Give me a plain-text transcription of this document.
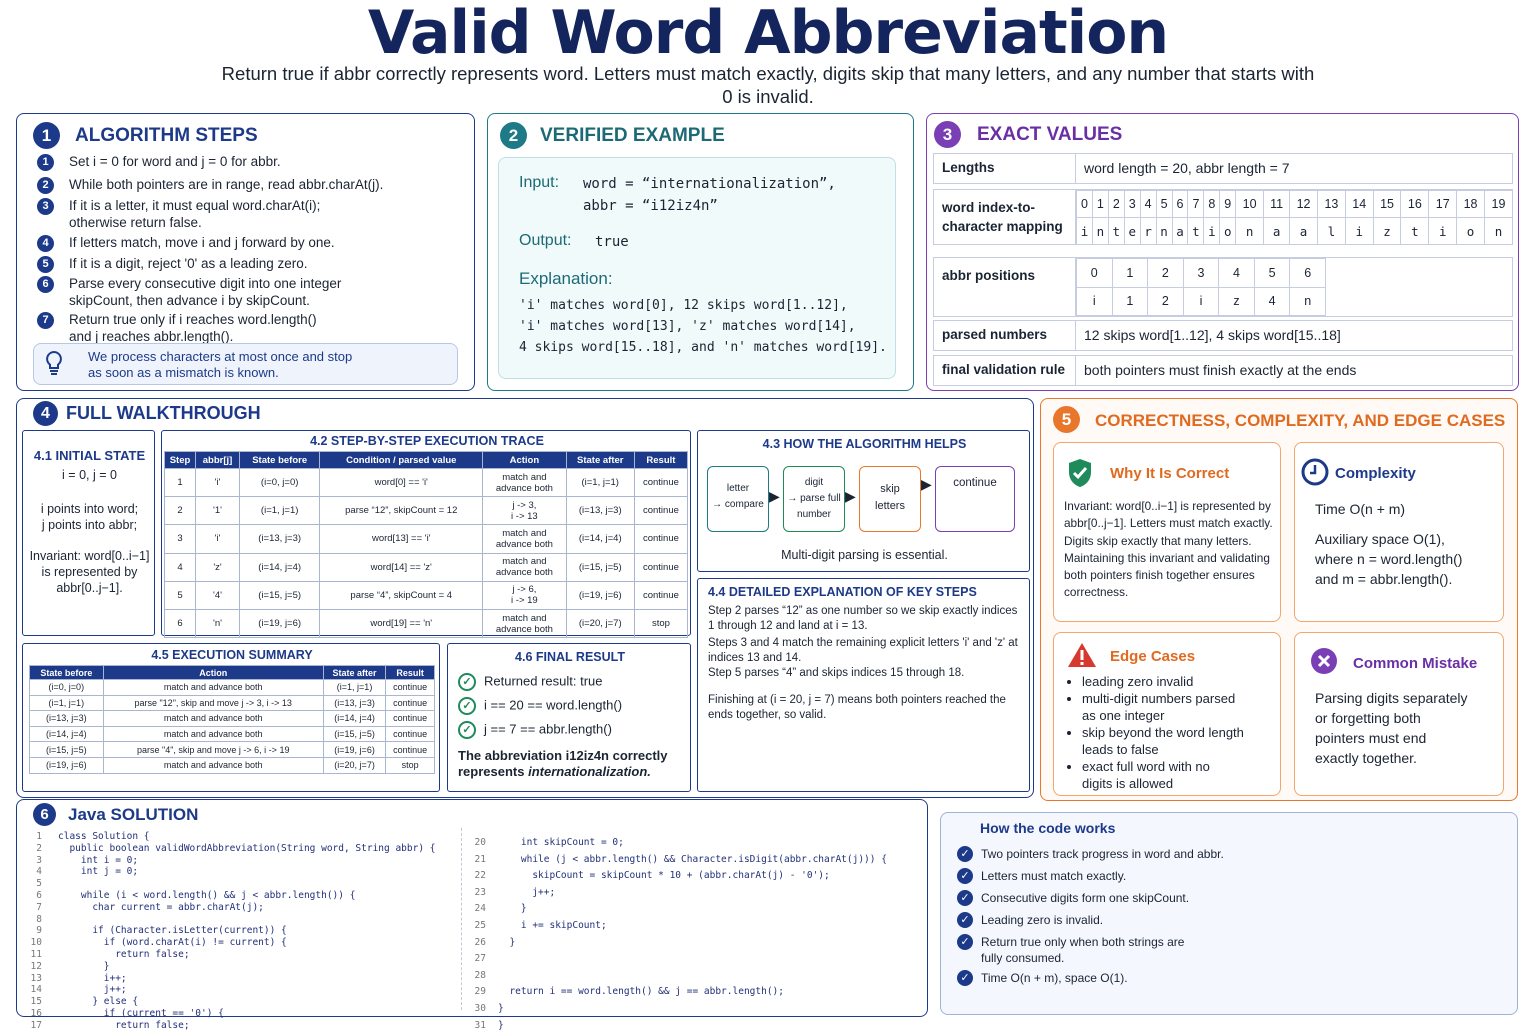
Valid Word Abbreviation
Return true if abbr correctly represents word. Letters must match exactly, digits skip that many letters, and any number that starts with 0 is invalid.
1	ALGORITHM STEPS
1	Set i = 0 for word and j = 0 for abbr.
2	While both pointers are in range, read abbr.charAt(j).
3	If it is a letter, it must equal word.charAt(i);
otherwise return false.
4	If letters match, move i and j forward by one.
5	If it is a digit, reject '0' as a leading zero.
6	Parse every consecutive digit into one integer
skipCount, then advance i by skipCount.
7	Return true only if i reaches word.length()
and j reaches abbr.length().
We process characters at most once and stop
as soon as a mismatch is known.
2	VERIFIED EXAMPLE
Input: word = “internationalization”,
abbr = “i12iz4n”
Output: true
Explanation:
'i' matches word[0], 12 skips word[1..12],
'i' matches word[13], 'z' matches word[14],
4 skips word[15..18], and 'n' matches word[19].
3	EXACT VALUES
Lengths	word length = 20, abbr length = 7
word index-to-
character mapping
0	1	2	3	4	5	6	7	8	9	10	11	12	13	14	15	16	17	18	19
i	n	t	e	r	n	a	t	i	o	n	a	a	l	i	z	t	i	o	n
abbr positions	0	1	2	3	4	5	6
i	1	2	i	z	4	n
parsed numbers	12 skips word[1..12], 4 skips word[15..18]
final validation rule	both pointers must finish exactly at the ends
4 FULL WALKTHROUGH
4.1 INITIAL STATE
i = 0, j = 0
i points into word;
j points into abbr;
Invariant: word[0..i−1]
is represented by
abbr[0..j−1].
4.2 STEP-BY-STEP EXECUTION TRACE
Step	abbr[j]	State before	Condition / parsed value	Action	State after	Result
1	'i'	(i=0, j=0)	word[0] == 'i'	match and
advance both	(i=1, j=1)	continue
2	'1'	(i=1, j=1)	parse “12”, skipCount = 12	j -> 3,
i -> 13	(i=13, j=3)	continue
3	'i'	(i=13, j=3)	word[13] == 'i'	match and
advance both	(i=14, j=4)	continue
4	'z'	(i=14, j=4)	word[14] == 'z'	match and
advance both	(i=15, j=5)	continue
5	'4'	(i=15, j=5)	parse “4”, skipCount = 4	j -> 6,
i -> 19	(i=19, j=6)	continue
6	'n'	(i=19, j=6)	word[19] == 'n'	match and
advance both	(i=20, j=7)	stop
4.3 HOW THE ALGORITHM HELPS
letter
→ compare
▶
digit
→ parse full
number
▶	skip
letters
▶	continue
Multi-digit parsing is essential.
4.4 DETAILED EXPLANATION OF KEY STEPS
Step 2 parses “12” as one number so we skip exactly indices 1 through 12 and land at i = 13.
Steps 3 and 4 match the remaining explicit letters 'i' and 'z' at indices 13 and 14.
Step 5 parses “4” and skips indices 15 through 18.
Finishing at (i = 20, j = 7) means both pointers reached the ends together, so valid.
4.5 EXECUTION SUMMARY
State before	Action	State after	Result
(i=0, j=0)	match and advance both	(i=1, j=1)	continue
(i=1, j=1)	parse "12", skip and move j -> 3, i -> 13	(i=13, j=3)	continue
(i=13, j=3)	match and advance both	(i=14, j=4)	continue
(i=14, j=4)	match and advance both	(i=15, j=5)	continue
(i=15, j=5)	parse "4", skip and move j -> 6, i -> 19	(i=19, j=6)	continue
(i=19, j=6)	match and advance both	(i=20, j=7)	stop
4.6 FINAL RESULT
✓ Returned result: true
✓ i == 20 == word.length()
✓ j == 7 == abbr.length()
The abbreviation i12iz4n correctly represents internationalization.
5	CORRECTNESS, COMPLEXITY, AND EDGE CASES
Why It Is Correct
Invariant: word[0..i−1] is represented by abbr[0..j−1]. Letters must match exactly. Digits skip exactly that many letters. Maintaining this invariant and validating both pointers finish together ensures correctness.
Complexity
Time O(n + m)
Auxiliary space O(1),
where n = word.length()
and m = abbr.length().
Edge Cases
• leading zero invalid
• multi-digit numbers parsed
as one integer
• skip beyond the word length
leads to false
• exact full word with no
digits is allowed
Common Mistake
Parsing digits separately
or forgetting both
pointers must end
exactly together.
6	Java SOLUTION
1
2
3
4
5
6
7
8
9
10
11
12
13
14
15
16
17
class Solution {
public boolean validWordAbbreviation(String word, String abbr) {
int i = 0;
int j = 0;

while (i < word.length() && j < abbr.length()) {
char current = abbr.charAt(j);

if (Character.isLetter(current)) {
if (word.charAt(i) != current) {
return false;
}
i++;
j++;
} else {
if (current == '0') {
return false;
20
21
22
23
24
25
26
27
28
29
30
31
int skipCount = 0;
while (j < abbr.length() && Character.isDigit(abbr.charAt(j))) {
skipCount = skipCount * 10 + (abbr.charAt(j) - '0');
j++;
}
i += skipCount;
}

return i == word.length() && j == abbr.length();
}
}
How the code works
✓ Two pointers track progress in word and abbr.
✓ Letters must match exactly.
✓ Consecutive digits form one skipCount.
✓ Leading zero is invalid.
✓ Return true only when both strings are
fully consumed.
✓ Time O(n + m), space O(1).
